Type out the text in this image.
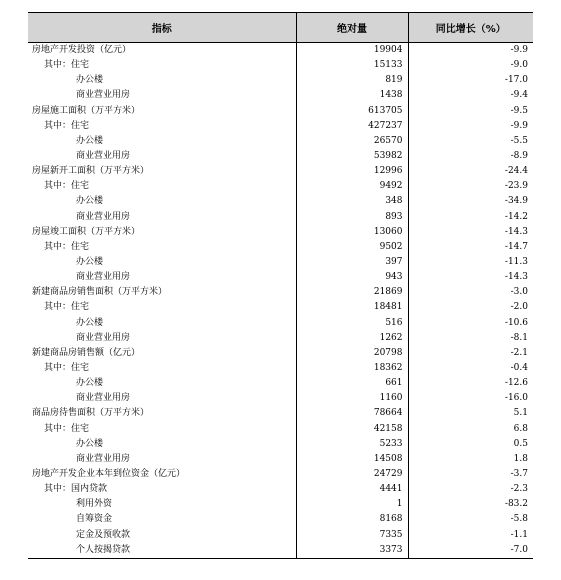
指标	绝对量	同比增长（%）
房地产开发投资（亿元）	19904	-9.9
其中：住宅	15133	-9.0
办公楼	819	-17.0
商业营业用房	1438	-9.4
房屋施工面积（万平方米）	613705	-9.5
其中：住宅	427237	-9.9
办公楼	26570	-5.5
商业营业用房	53982	-8.9
房屋新开工面积（万平方米）	12996	-24.4
其中：住宅	9492	-23.9
办公楼	348	-34.9
商业营业用房	893	-14.2
房屋竣工面积（万平方米）	13060	-14.3
其中：住宅	9502	-14.7
办公楼	397	-11.3
商业营业用房	943	-14.3
新建商品房销售面积（万平方米）	21869	-3.0
其中：住宅	18481	-2.0
办公楼	516	-10.6
商业营业用房	1262	-8.1
新建商品房销售额（亿元）	20798	-2.1
其中：住宅	18362	-0.4
办公楼	661	-12.6
商业营业用房	1160	-16.0
商品房待售面积（万平方米）	78664	5.1
其中：住宅	42158	6.8
办公楼	5233	0.5
商业营业用房	14508	1.8
房地产开发企业本年到位资金（亿元）	24729	-3.7
其中：国内贷款	4441	-2.3
利用外资	1	-83.2
自筹资金	8168	-5.8
定金及预收款	7335	-1.1
个人按揭贷款	3373	-7.0
